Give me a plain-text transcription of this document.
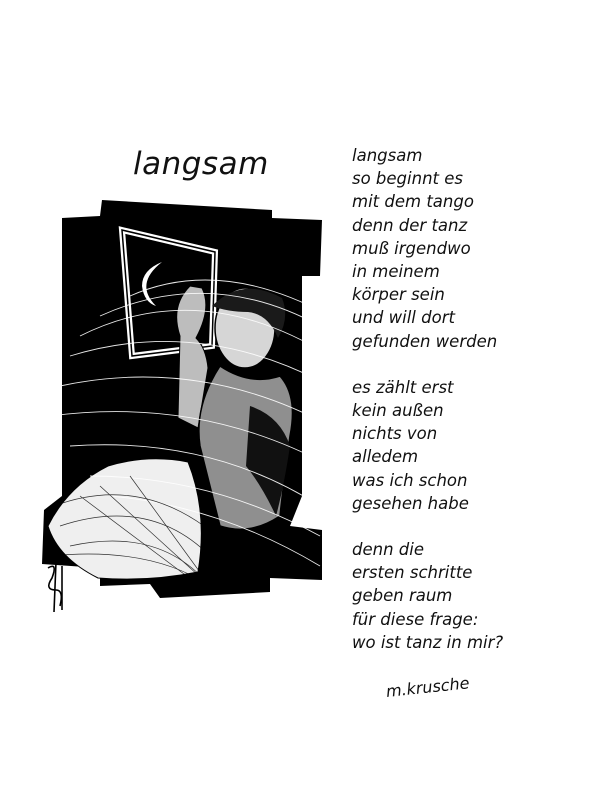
langsam	langsam
so beginnt es
mit dem tango
denn der tanz
muß irgendwo
in meinem
körper sein
und will dort
gefunden werden
es zählt erst
kein außen
nichts von
alledem
was ich schon
gesehen habe
denn die
ersten schritte
geben raum
für diese frage:
wo ist tanz in mir?
m.krusche
